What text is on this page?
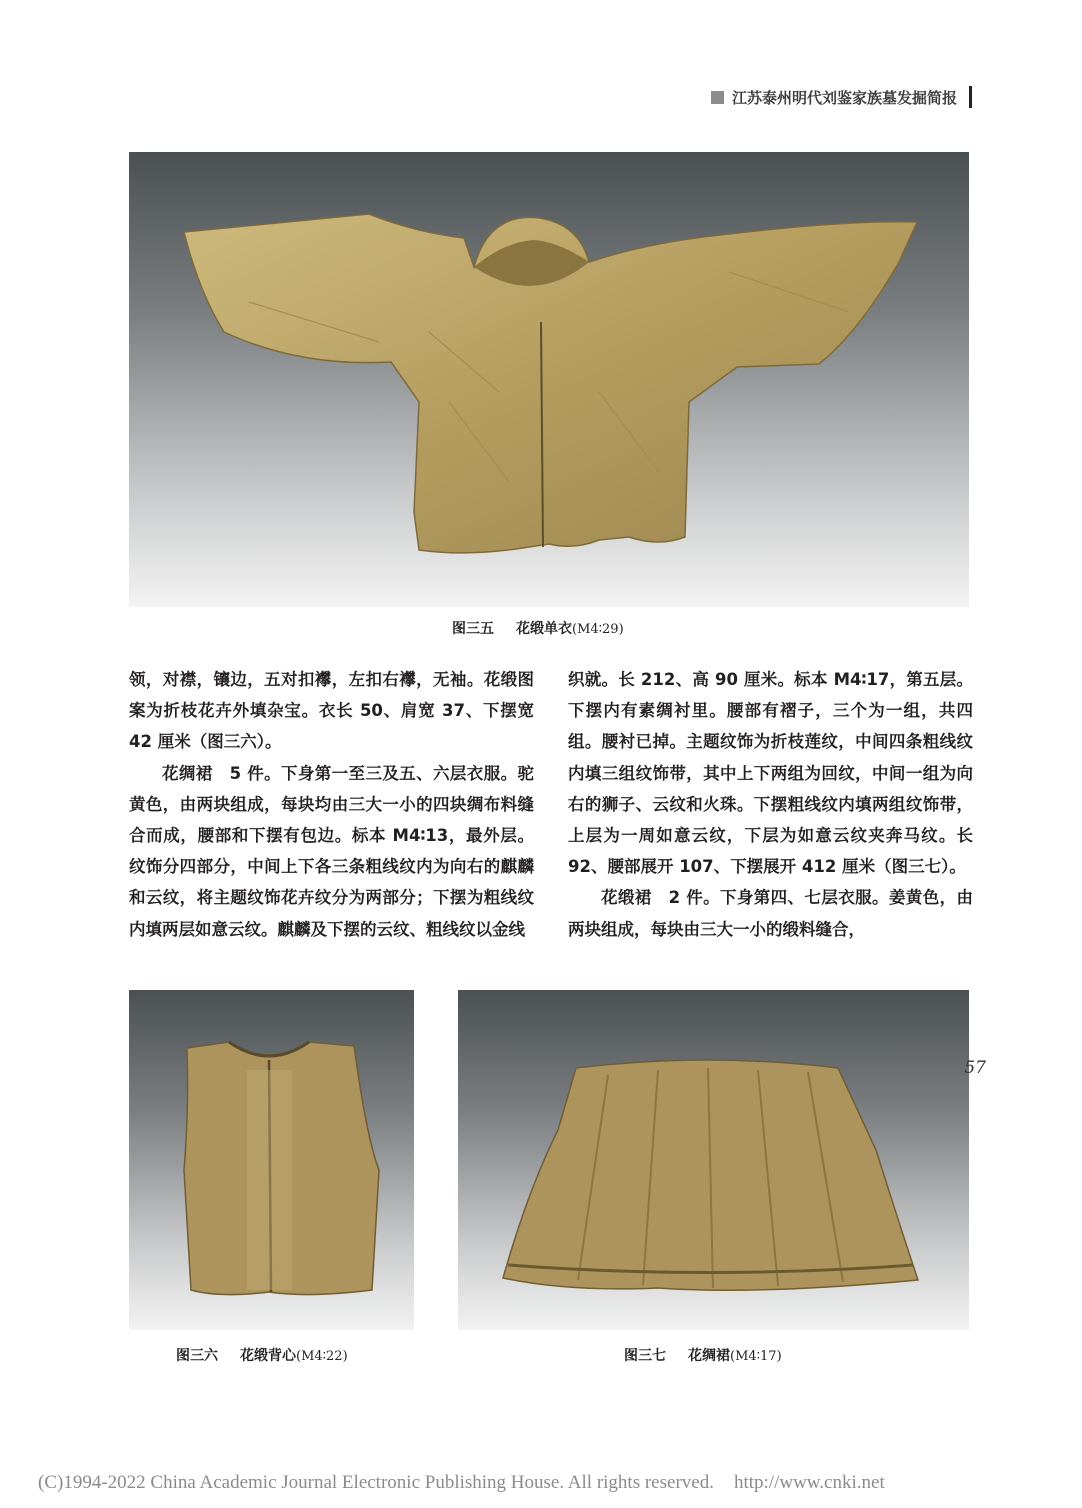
江苏泰州明代刘鉴家族墓发掘简报
图三五 花缎单衣(M4∶29)

领，对襟，镶边，五对扣襻，左扣右襻，无袖。花缎图案为折枝花卉外填杂宝。衣长 50、肩宽 37、下摆宽 42 厘米（图三六）。

花绸裙　5 件。下身第一至三及五、六层衣服。驼黄色，由两块组成，每块均由三大一小的四块绸布料缝合而成，腰部和下摆有包边。标本 M4∶13，最外层。纹饰分四部分，中间上下各三条粗线纹内为向右的麒麟和云纹，将主题纹饰花卉纹分为两部分；下摆为粗线纹内填两层如意云纹。麒麟及下摆的云纹、粗线纹以金线

织就。长 212、高 90 厘米。标本 M4∶17，第五层。下摆内有素绸衬里。腰部有褶子，三个为一组，共四组。腰衬已掉。主题纹饰为折枝莲纹，中间四条粗线纹内填三组纹饰带，其中上下两组为回纹，中间一组为向右的狮子、云纹和火珠。下摆粗线纹内填两组纹饰带，上层为一周如意云纹，下层为如意云纹夹奔马纹。长 92、腰部展开 107、下摆展开 412 厘米（图三七）。

花缎裙　2 件。下身第四、七层衣服。姜黄色，由两块组成，每块由三大一小的缎料缝合，

图三六 花缎背心(M4∶22)	图三七 花绸裙(M4∶17)
57
(C)1994-2022 China Academic Journal Electronic Publishing House. All rights reserved. http://www.cnki.net
